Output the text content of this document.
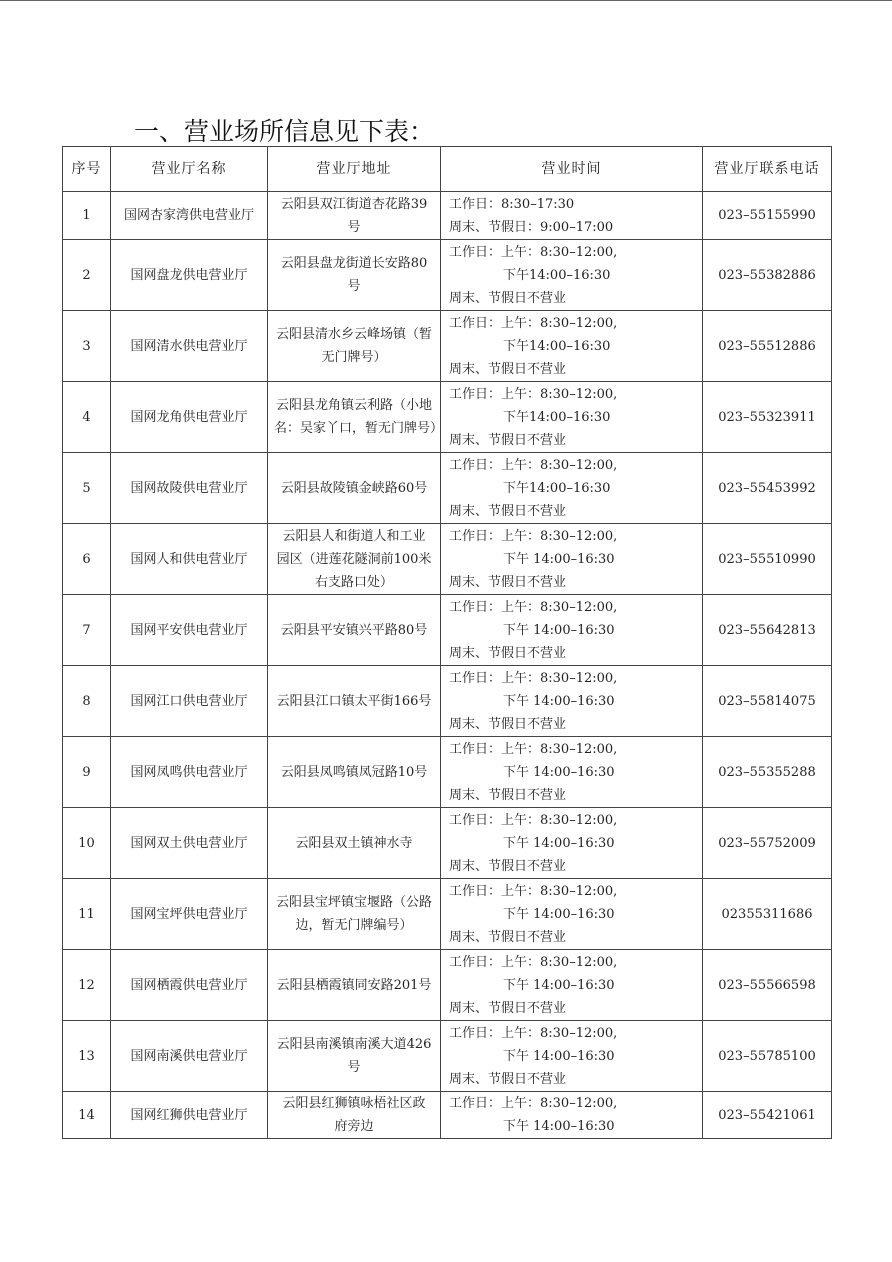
一、营业场所信息见下表：
序号	营业厅名称	营业厅地址	营业时间	营业厅联系电话
1	国网杏家湾供电营业厅	云阳县双江街道杏花路39
号	工作日：8:30–17:30
周末、节假日：9:00–17:00	023–55155990
2	国网盘龙供电营业厅	云阳县盘龙街道长安路80
号	工作日：上午：8:30–12:00,
下午14:00–16:30
周末、节假日不营业	023–55382886
3	国网清水供电营业厅	云阳县清水乡云峰场镇（暂
无门牌号）	工作日：上午：8:30–12:00,
下午14:00–16:30
周末、节假日不营业	023–55512886
4	国网龙角供电营业厅	云阳县龙角镇云利路（小地
名：吴家丫口，暂无门牌号）	工作日：上午：8:30–12:00,
下午14:00–16:30
周末、节假日不营业	023–55323911
5	国网故陵供电营业厅	云阳县故陵镇金峡路60号	工作日：上午：8:30–12:00,
下午14:00–16:30
周末、节假日不营业	023–55453992
6	国网人和供电营业厅	云阳县人和街道人和工业
园区（进莲花隧洞前100米
右支路口处）	工作日：上午：8:30–12:00,
下午 14:00–16:30
周末、节假日不营业	023–55510990
7	国网平安供电营业厅	云阳县平安镇兴平路80号	工作日：上午：8:30–12:00,
下午 14:00–16:30
周末、节假日不营业	023–55642813
8	国网江口供电营业厅	云阳县江口镇太平街166号	工作日：上午：8:30–12:00,
下午 14:00–16:30
周末、节假日不营业	023–55814075
9	国网凤鸣供电营业厅	云阳县凤鸣镇凤冠路10号	工作日：上午：8:30–12:00,
下午 14:00–16:30
周末、节假日不营业	023–55355288
10	国网双土供电营业厅	云阳县双土镇神水寺	工作日：上午：8:30–12:00,
下午 14:00–16:30
周末、节假日不营业	023–55752009
11	国网宝坪供电营业厅	云阳县宝坪镇宝堰路（公路
边，暂无门牌编号）	工作日：上午：8:30–12:00,
下午 14:00–16:30
周末、节假日不营业	02355311686
12	国网栖霞供电营业厅	云阳县栖霞镇同安路201号	工作日：上午：8:30–12:00,
下午 14:00–16:30
周末、节假日不营业	023–55566598
13	国网南溪供电营业厅	云阳县南溪镇南溪大道426
号	工作日：上午：8:30–12:00,
下午 14:00–16:30
周末、节假日不营业	023–55785100
14	国网红狮供电营业厅	云阳县红狮镇咏梧社区政
府旁边	工作日：上午：8:30–12:00,
下午 14:00–16:30	023–55421061
